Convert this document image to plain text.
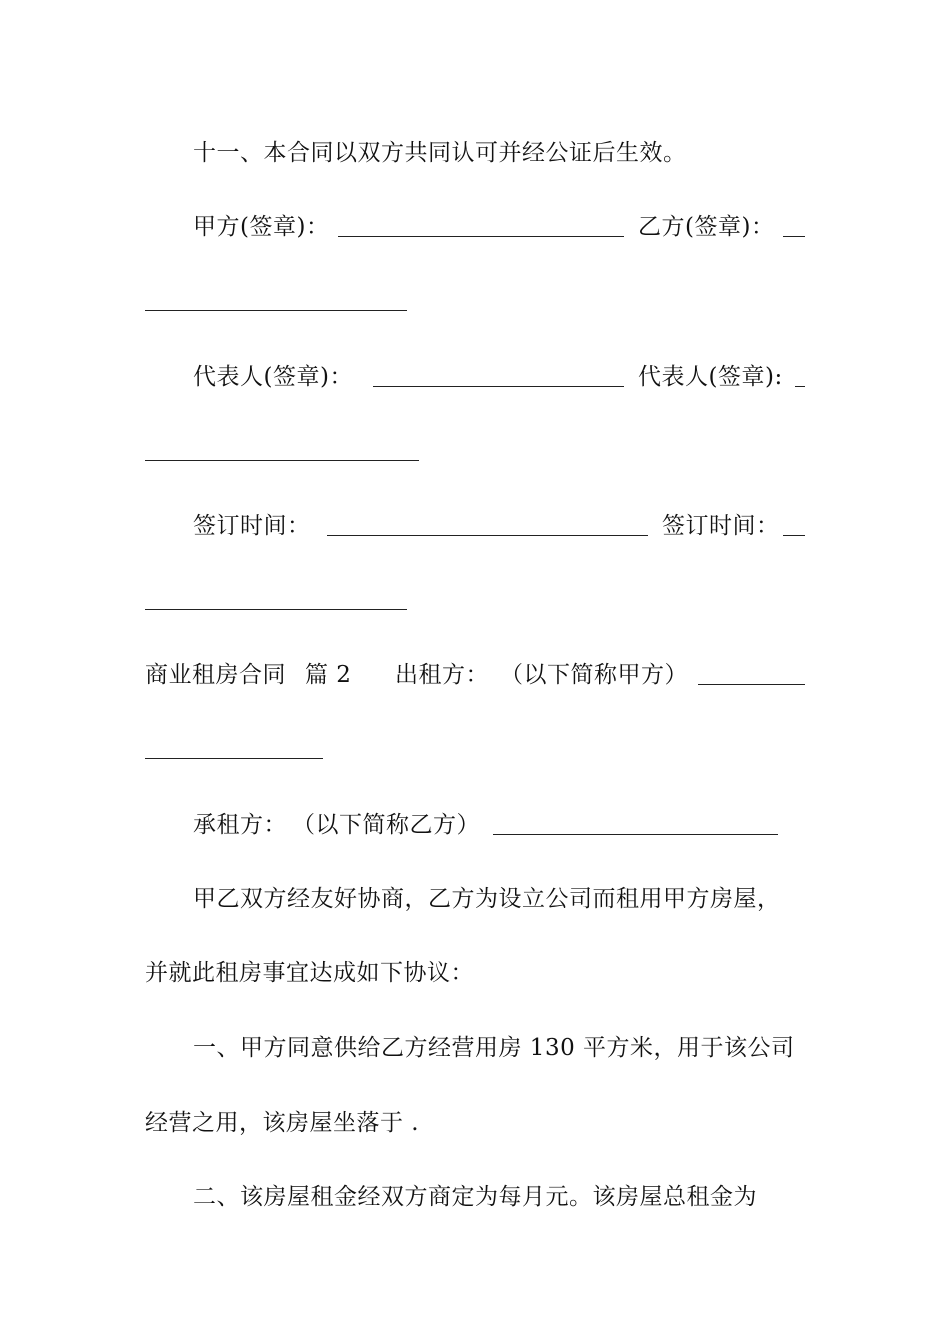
十一、本合同以双方共同认可并经公证后生效。
甲方(签章)：	乙方(签章)：
代表人(签章)：	代表人(签章):
签订时间：	签订时间：
商业租房合同 篇 2 出租方： （以下简称甲方）
承租方： （以下简称乙方）
甲乙双方经友好协商，乙方为设立公司而租用甲方房屋，
并就此租房事宜达成如下协议：
一、甲方同意供给乙方经营用房 130 平方米，用于该公司
经营之用，该房屋坐落于 .
二、该房屋租金经双方商定为每月元。该房屋总租金为
